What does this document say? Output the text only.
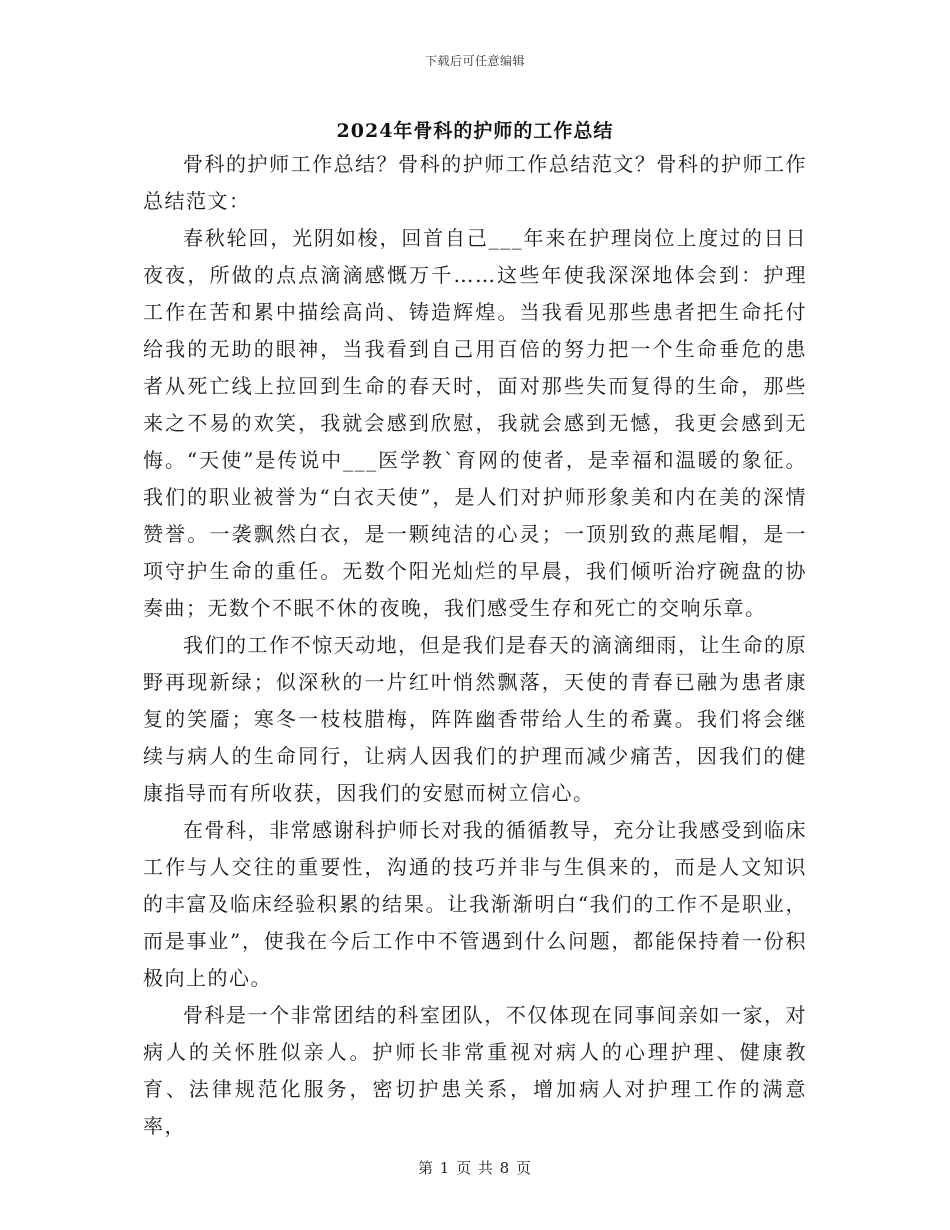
下载后可任意编辑
2024年骨科的护师的工作总结

骨科的护师工作总结？骨科的护师工作总结范文？骨科的护师工作总结范文：

春秋轮回，光阴如梭，回首自己___年来在护理岗位上度过的日日夜夜，所做的点点滴滴感慨万千……这些年使我深深地体会到：护理工作在苦和累中描绘高尚、铸造辉煌。当我看见那些患者把生命托付给我的无助的眼神，当我看到自己用百倍的努力把一个生命垂危的患者从死亡线上拉回到生命的春天时，面对那些失而复得的生命，那些来之不易的欢笑，我就会感到欣慰，我就会感到无憾，我更会感到无悔。“天使”是传说中___医学教`育网的使者，是幸福和温暖的象征。我们的职业被誉为“白衣天使”，是人们对护师形象美和内在美的深情赞誉。一袭飘然白衣，是一颗纯洁的心灵；一顶别致的燕尾帽，是一项守护生命的重任。无数个阳光灿烂的早晨，我们倾听治疗碗盘的协奏曲；无数个不眠不休的夜晚，我们感受生存和死亡的交响乐章。

我们的工作不惊天动地，但是我们是春天的滴滴细雨，让生命的原野再现新绿；似深秋的一片红叶悄然飘落，天使的青春已融为患者康复的笑靥；寒冬一枝枝腊梅，阵阵幽香带给人生的希冀。我们将会继续与病人的生命同行，让病人因我们的护理而减少痛苦，因我们的健康指导而有所收获，因我们的安慰而树立信心。

在骨科，非常感谢科护师长对我的循循教导，充分让我感受到临床工作与人交往的重要性，沟通的技巧并非与生俱来的，而是人文知识的丰富及临床经验积累的结果。让我渐渐明白“我们的工作不是职业，而是事业”，使我在今后工作中不管遇到什么问题，都能保持着一份积极向上的心。

骨科是一个非常团结的科室团队，不仅体现在同事间亲如一家，对病人的关怀胜似亲人。护师长非常重视对病人的心理护理、健康教育、法律规范化服务，密切护患关系，增加病人对护理工作的满意率，

第 1 页 共 8 页
